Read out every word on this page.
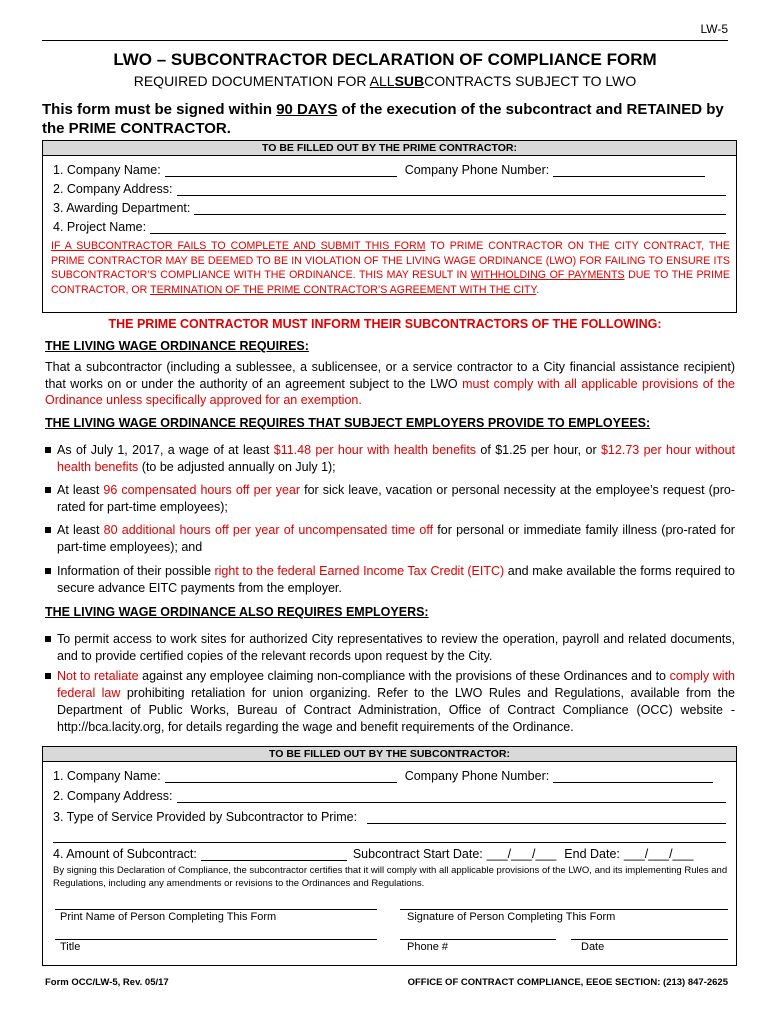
LW-5
LWO – SUBCONTRACTOR DECLARATION OF COMPLIANCE FORM
REQUIRED DOCUMENTATION FOR ALLSUBCONTRACTS SUBJECT TO LWO
This form must be signed within 90 DAYS of the execution of the subcontract and RETAINED by the PRIME CONTRACTOR.
TO BE FILLED OUT BY THE PRIME CONTRACTOR:
1. Company Name:	Company Phone Number:
2. Company Address:
3. Awarding Department:
4. Project Name:
IF A SUBCONTRACTOR FAILS TO COMPLETE AND SUBMIT THIS FORM TO PRIME CONTRACTOR ON THE CITY CONTRACT, THE PRIME CONTRACTOR MAY BE DEEMED TO BE IN VIOLATION OF THE LIVING WAGE ORDINANCE (LWO) FOR FAILING TO ENSURE ITS SUBCONTRACTOR’S COMPLIANCE WITH THE ORDINANCE. THIS MAY RESULT IN WITHHOLDING OF PAYMENTS DUE TO THE PRIME CONTRACTOR, OR TERMINATION OF THE PRIME CONTRACTOR’S AGREEMENT WITH THE CITY.
THE PRIME CONTRACTOR MUST INFORM THEIR SUBCONTRACTORS OF THE FOLLOWING:
THE LIVING WAGE ORDINANCE REQUIRES:
That a subcontractor (including a sublessee, a sublicensee, or a service contractor to a City financial assistance recipient) that works on or under the authority of an agreement subject to the LWO must comply with all applicable provisions of the Ordinance unless specifically approved for an exemption.
THE LIVING WAGE ORDINANCE REQUIRES THAT SUBJECT EMPLOYERS PROVIDE TO EMPLOYEES:
As of July 1, 2017, a wage of at least $11.48 per hour with health benefits of $1.25 per hour, or $12.73 per hour without health benefits (to be adjusted annually on July 1);
At least 96 compensated hours off per year for sick leave, vacation or personal necessity at the employee’s request (pro-rated for part-time employees);
At least 80 additional hours off per year of uncompensated time off for personal or immediate family illness (pro-rated for part-time employees); and
Information of their possible right to the federal Earned Income Tax Credit (EITC) and make available the forms required to secure advance EITC payments from the employer.
THE LIVING WAGE ORDINANCE ALSO REQUIRES EMPLOYERS:
To permit access to work sites for authorized City representatives to review the operation, payroll and related documents, and to provide certified copies of the relevant records upon request by the City.
Not to retaliate against any employee claiming non-compliance with the provisions of these Ordinances and to comply with federal law prohibiting retaliation for union organizing. Refer to the LWO Rules and Regulations, available from the Department of Public Works, Bureau of Contract Administration, Office of Contract Compliance (OCC) website - http://bca.lacity.org, for details regarding the wage and benefit requirements of the Ordinance.
TO BE FILLED OUT BY THE SUBCONTRACTOR:
1. Company Name:	Company Phone Number:
2. Company Address:
3. Type of Service Provided by Subcontractor to Prime:
4. Amount of Subcontract:	Subcontract Start Date: ___/___/___ End Date: ___/___/___
By signing this Declaration of Compliance, the subcontractor certifies that it will comply with all applicable provisions of the LWO, and its implementing Rules and Regulations, including any amendments or revisions to the Ordinances and Regulations.
Print Name of Person Completing This Form	Signature of Person Completing This Form
Title	Phone #	Date
Form OCC/LW-5, Rev. 05/17	OFFICE OF CONTRACT COMPLIANCE, EEOE SECTION: (213) 847-2625
